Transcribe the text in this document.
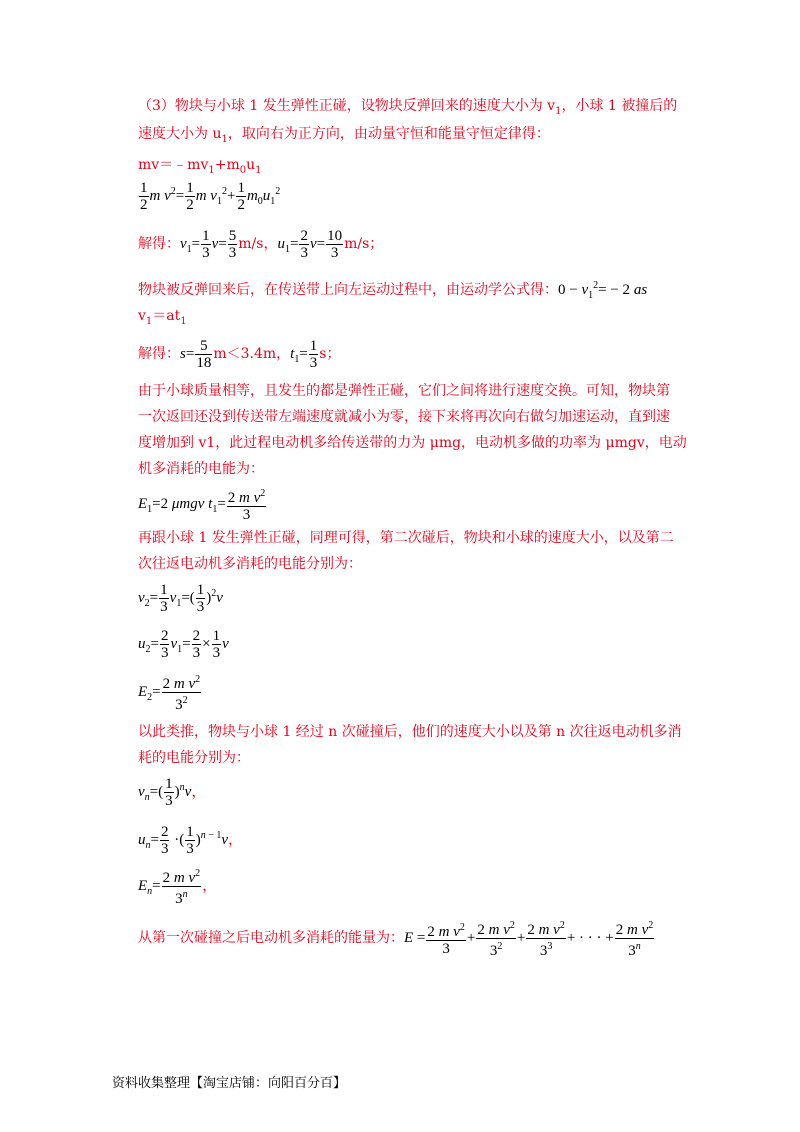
（3）物块与小球 1 发生弹性正碰，设物块反弹回来的速度大小为 $v_1$，小球 1 被撞后的
速度大小为 $u_1$，取向右为正方向，由动量守恒和能量守恒定律得：
$mv=﹣mv_1+m_0u_1$
$\frac{1}{2}$ m $v^2= \frac{1}{2}$ m $v_1^2+ \frac{1}{2} m_0u_1^2$
解得：$v_1= \frac{1}{3} v= \frac{5}{3} m/s$，$u_1= \frac{2}{3} v= \frac{10}{3} m/s$；
物块被反弹回来后，在传送带上向左运动过程中，由运动学公式得：$0 - v_1^2= - 2$ as
$v_1=at_1$
解得：$s= \frac{5}{18} m<3.4m$，$t_1= \frac{1}{3}$ s；
由于小球质量相等，且发生的都是弹性正碰，它们之间将进行速度交换。可知，物块第
一次返回还没到传送带左端速度就减小为零，接下来将再次向右做匀加速运动，直到速
度增加到 v1，此过程电动机多给传送带的力为 μmg，电动机多做的功率为 μmgv，电动
机多消耗的电能为：
$E_1=2$ μmgv $t_1= \frac{2 m v^2}{3}$
再跟小球 1 发生弹性正碰，同理可得，第二次碰后，物块和小球的速度大小，以及第二
次往返电动机多消耗的电能分别为：
$v_2= \frac{1}{3} v_1=( \frac{1}{3} )^2v$
$u_2= \frac{2}{3} v_1= \frac{2}{3} \times \frac{1}{3}$ v
$E_2= \frac{2 m v^2}{3^2}$
以此类推，物块与小球 1 经过 n 次碰撞后，他们的速度大小以及第 n 次往返电动机多消
耗的电能分别为：
$v_n=( \frac{1}{3} )^nv$，
$u_n= \frac{2}{3}$ ·( $\frac{1}{3} )^{n - 1}v$，
$E_n= \frac{2 m v^2}{3^n}$ ，
从第一次碰撞之后电动机多消耗的能量为：$E = \frac{2 m v^2}{3} + \frac{2 m v^2}{3^2} + \frac{2 m v^2}{3^3}$ + · · · + $\frac{2 m v^2}{3^n}$
资料收集整理【淘宝店铺：向阳百分百】
